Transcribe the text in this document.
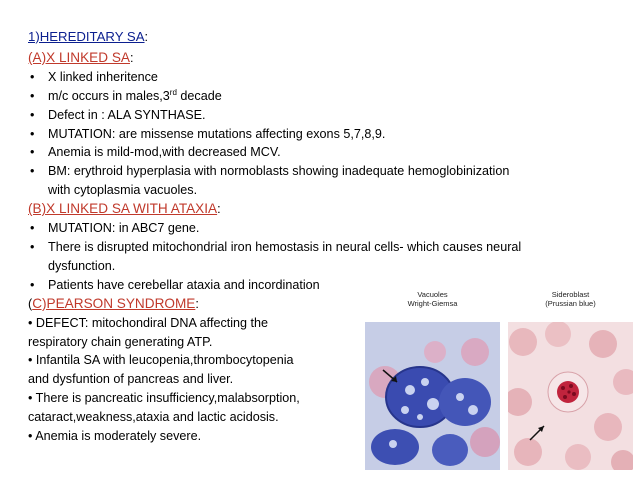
1)HEREDITARY SA:
(A)X LINKED SA:
• X linked inheritence
• m/c occurs in males,3rd decade
• Defect in : ALA SYNTHASE.
• MUTATION: are missense mutations affecting exons 5,7,8,9.
• Anemia is mild-mod,with decreased MCV.
• BM: erythroid hyperplasia with normoblasts showing inadequate hemoglobinization
with cytoplasmia vacuoles.
(B)X LINKED SA WITH ATAXIA:
• MUTATION: in ABC7 gene.
• There is disrupted mitochondrial iron hemostasis in neural cells- which causes neural
dysfunction.
• Patients have cerebellar ataxia and incordination
(C)PEARSON SYNDROME:
• DEFECT: mitochondiral DNA affecting the
respiratory chain generating ATP.
• Infantila SA with leucopenia,thrombocytopenia
and dysfuntion of pancreas and liver.
• There is pancreatic insufficiency,malabsorption,
cataract,weakness,ataxia and lactic acidosis.
• Anemia is moderately severe.
Vacuoles
Wright-Giemsa
Sideroblast
(Prussian blue)
